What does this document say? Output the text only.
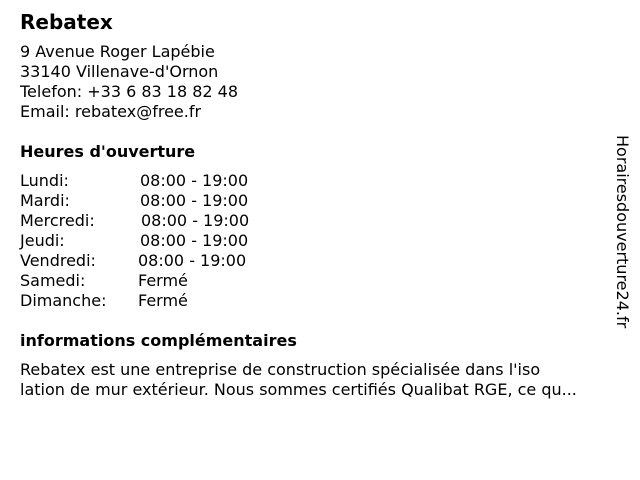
Rebatex
9 Avenue Roger Lapébie
33140 Villenave-d'Ornon
Telefon: +33 6 83 18 82 48
Email: rebatex@free.fr
Heures d'ouverture
Lundi:	08:00 - 19:00
Mardi:	08:00 - 19:00
Mercredi:	08:00 - 19:00
Jeudi:	08:00 - 19:00
Vendredi:	08:00 - 19:00
Samedi:	Fermé
Dimanche:	Fermé
informations complémentaires
Rebatex est une entreprise de construction spécialisée dans l'iso
lation de mur extérieur. Nous sommes certifiés Qualibat RGE, ce qu...
Horairesdouverture24.fr
